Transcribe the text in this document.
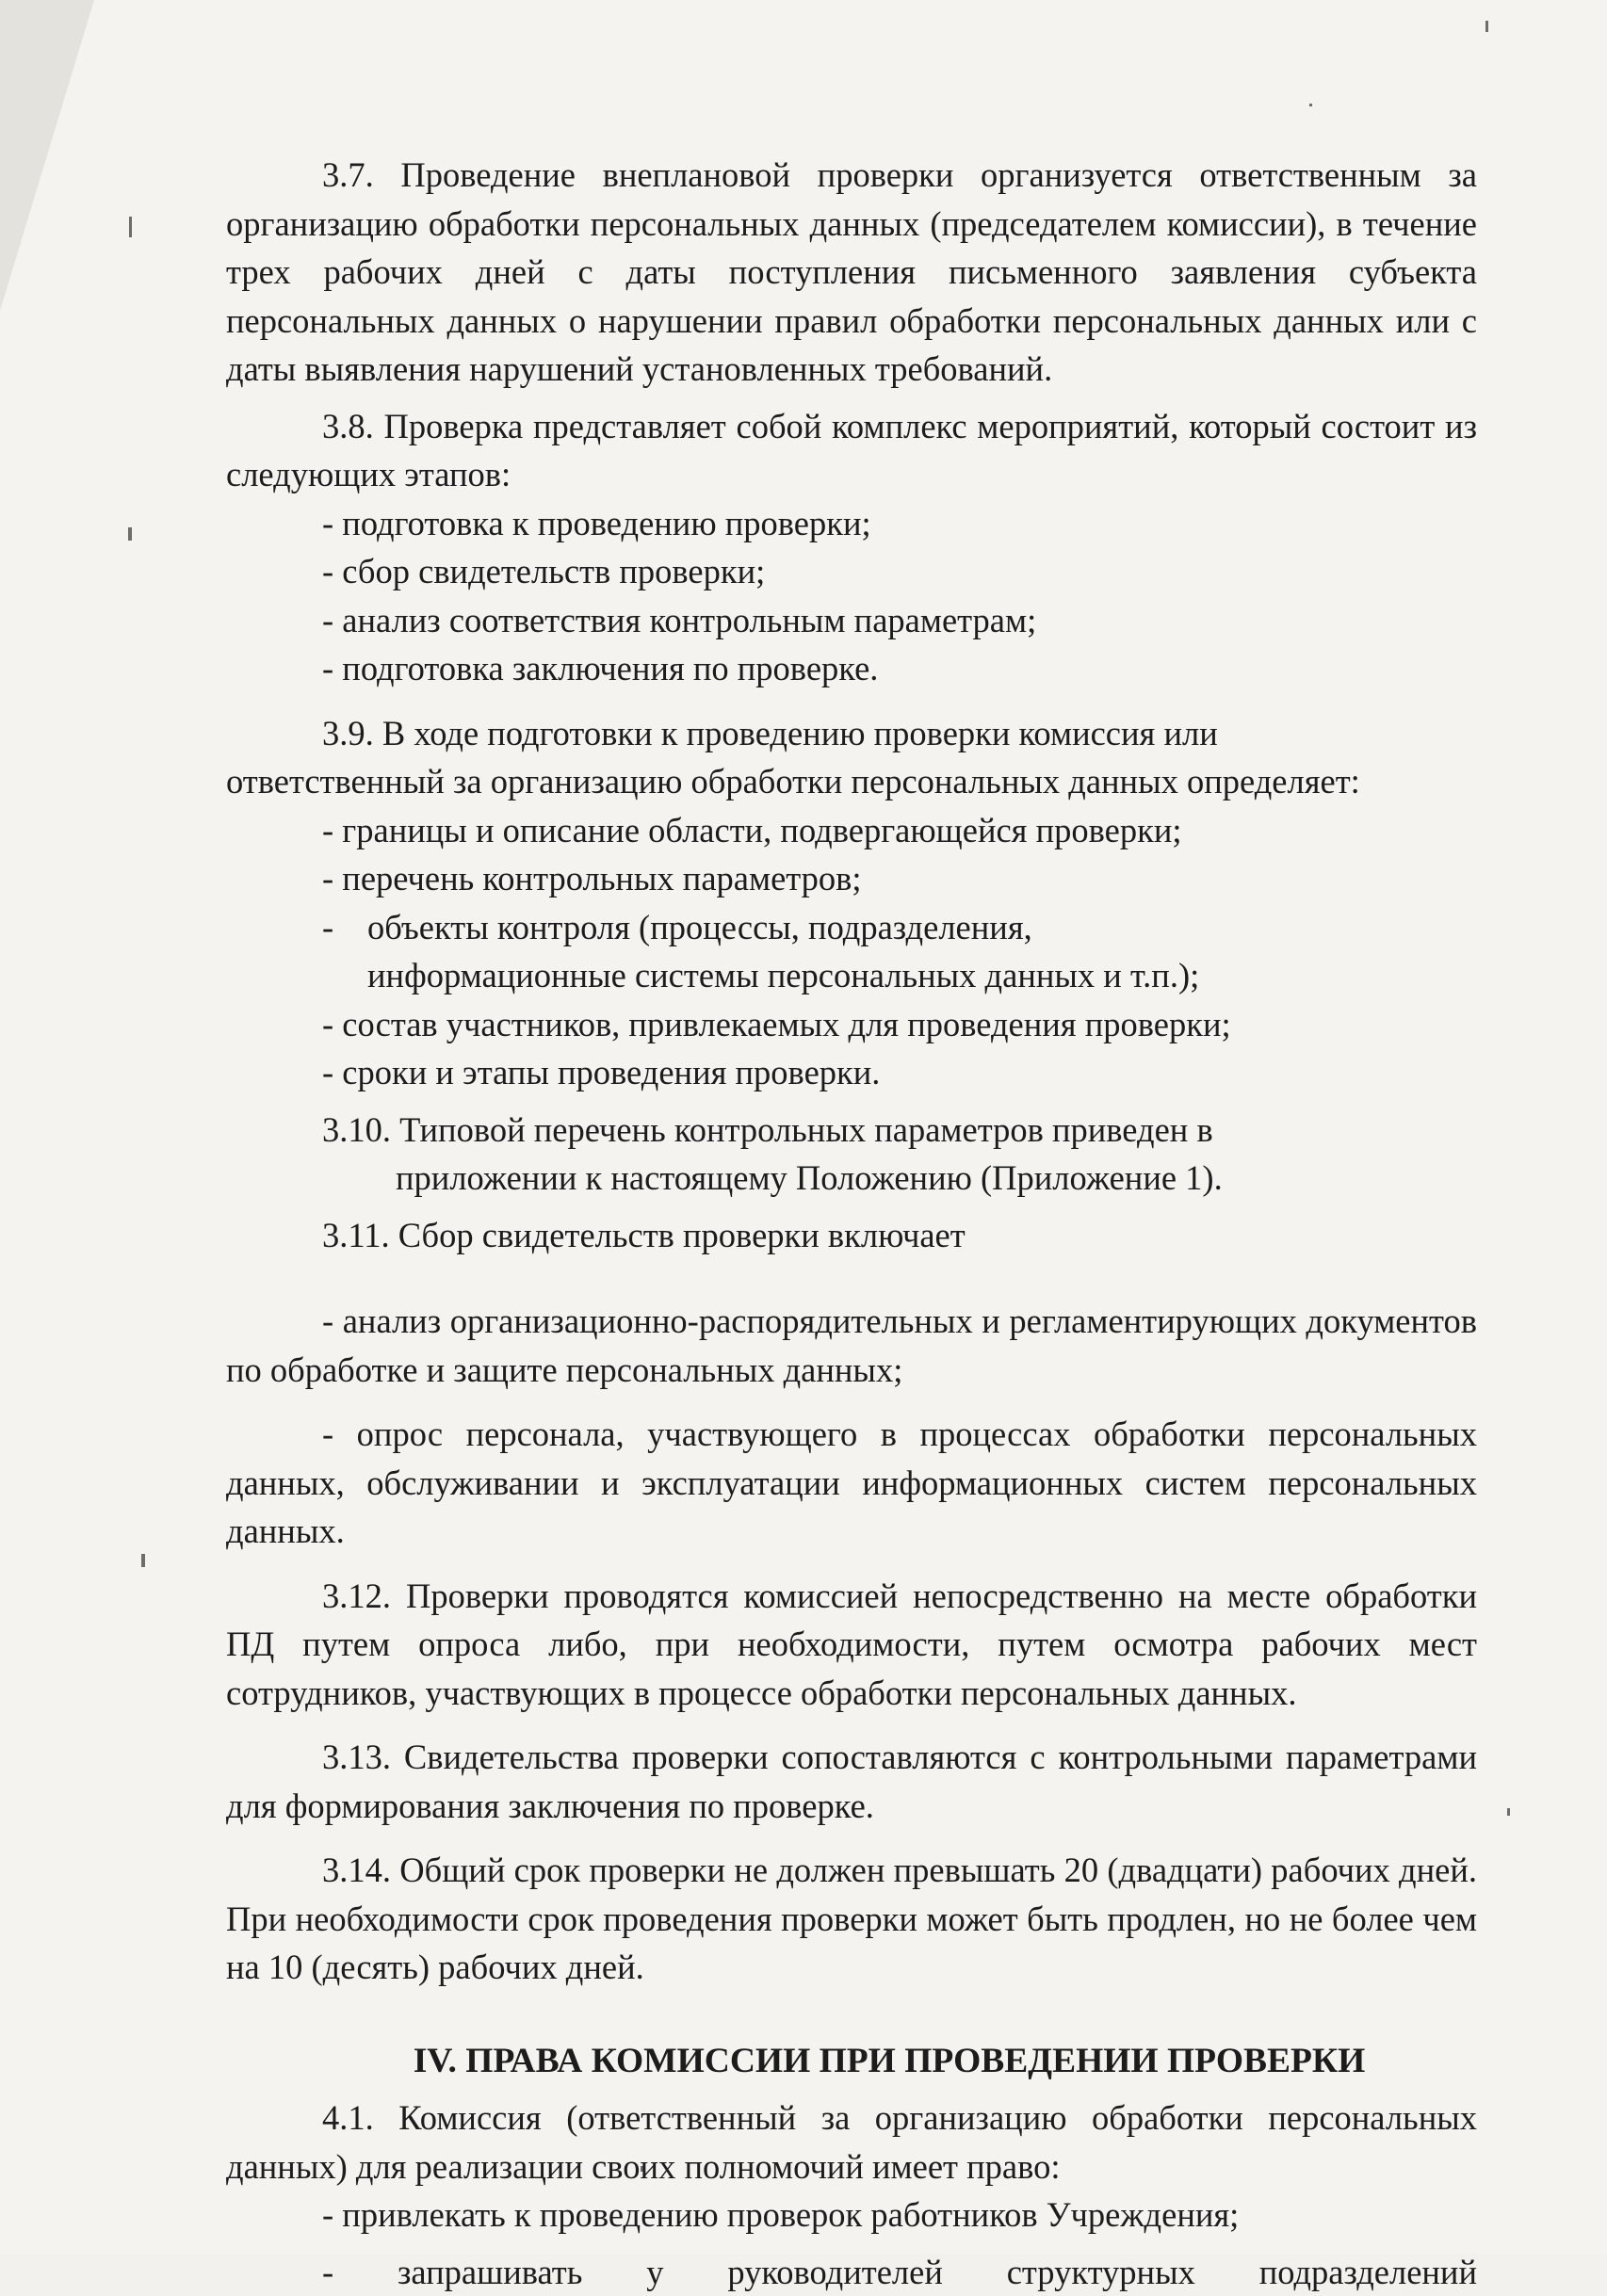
3.7. Проведение внеплановой проверки организуется ответственным за организацию обработки персональных данных (председателем комиссии), в течение трех рабочих дней с даты поступления письменного заявления субъекта персональных данных о нарушении правил обработки персональных данных или с даты выявления нарушений установленных требований.

3.8. Проверка представляет собой комплекс мероприятий, который состоит из следующих этапов:

- подготовка к проведению проверки;

- сбор свидетельств проверки;

- анализ соответствия контрольным параметрам;

- подготовка заключения по проверке.

3.9. В ходе подготовки к проведению проверки комиссия или

ответственный за организацию обработки персональных данных определяет:

- границы и описание области, подвергающейся проверки;

- перечень контрольных параметров;

- объекты контроля (процессы, подразделения,
информационные системы персональных данных и т.п.);

- состав участников, привлекаемых для проведения проверки;

- сроки и этапы проведения проверки.

3.10. Типовой перечень контрольных параметров приведен в

приложении к настоящему Положению (Приложение 1).

3.11. Сбор свидетельств проверки включает

- анализ организационно-распорядительных и регламентирующих документов по обработке и защите персональных данных;

- опрос персонала, участвующего в процессах обработки персональных данных, обслуживании и эксплуатации информационных систем персональных данных.

3.12. Проверки проводятся комиссией непосредственно на месте обработки ПД путем опроса либо, при необходимости, путем осмотра рабочих мест сотрудников, участвующих в процессе обработки персональных данных.

3.13. Свидетельства проверки сопоставляются с контрольными параметрами для формирования заключения по проверке.

3.14. Общий срок проверки не должен превышать 20 (двадцати) рабочих дней. При необходимости срок проведения проверки может быть продлен, но не более чем на 10 (десять) рабочих дней.

IV. ПРАВА КОМИССИИ ПРИ ПРОВЕДЕНИИ ПРОВЕРКИ

4.1. Комиссия (ответственный за организацию обработки персональных данных) для реализации своих полномочий имеет право:

- привлекать к проведению проверок работников Учреждения;

- запрашивать у руководителей структурных подразделений
